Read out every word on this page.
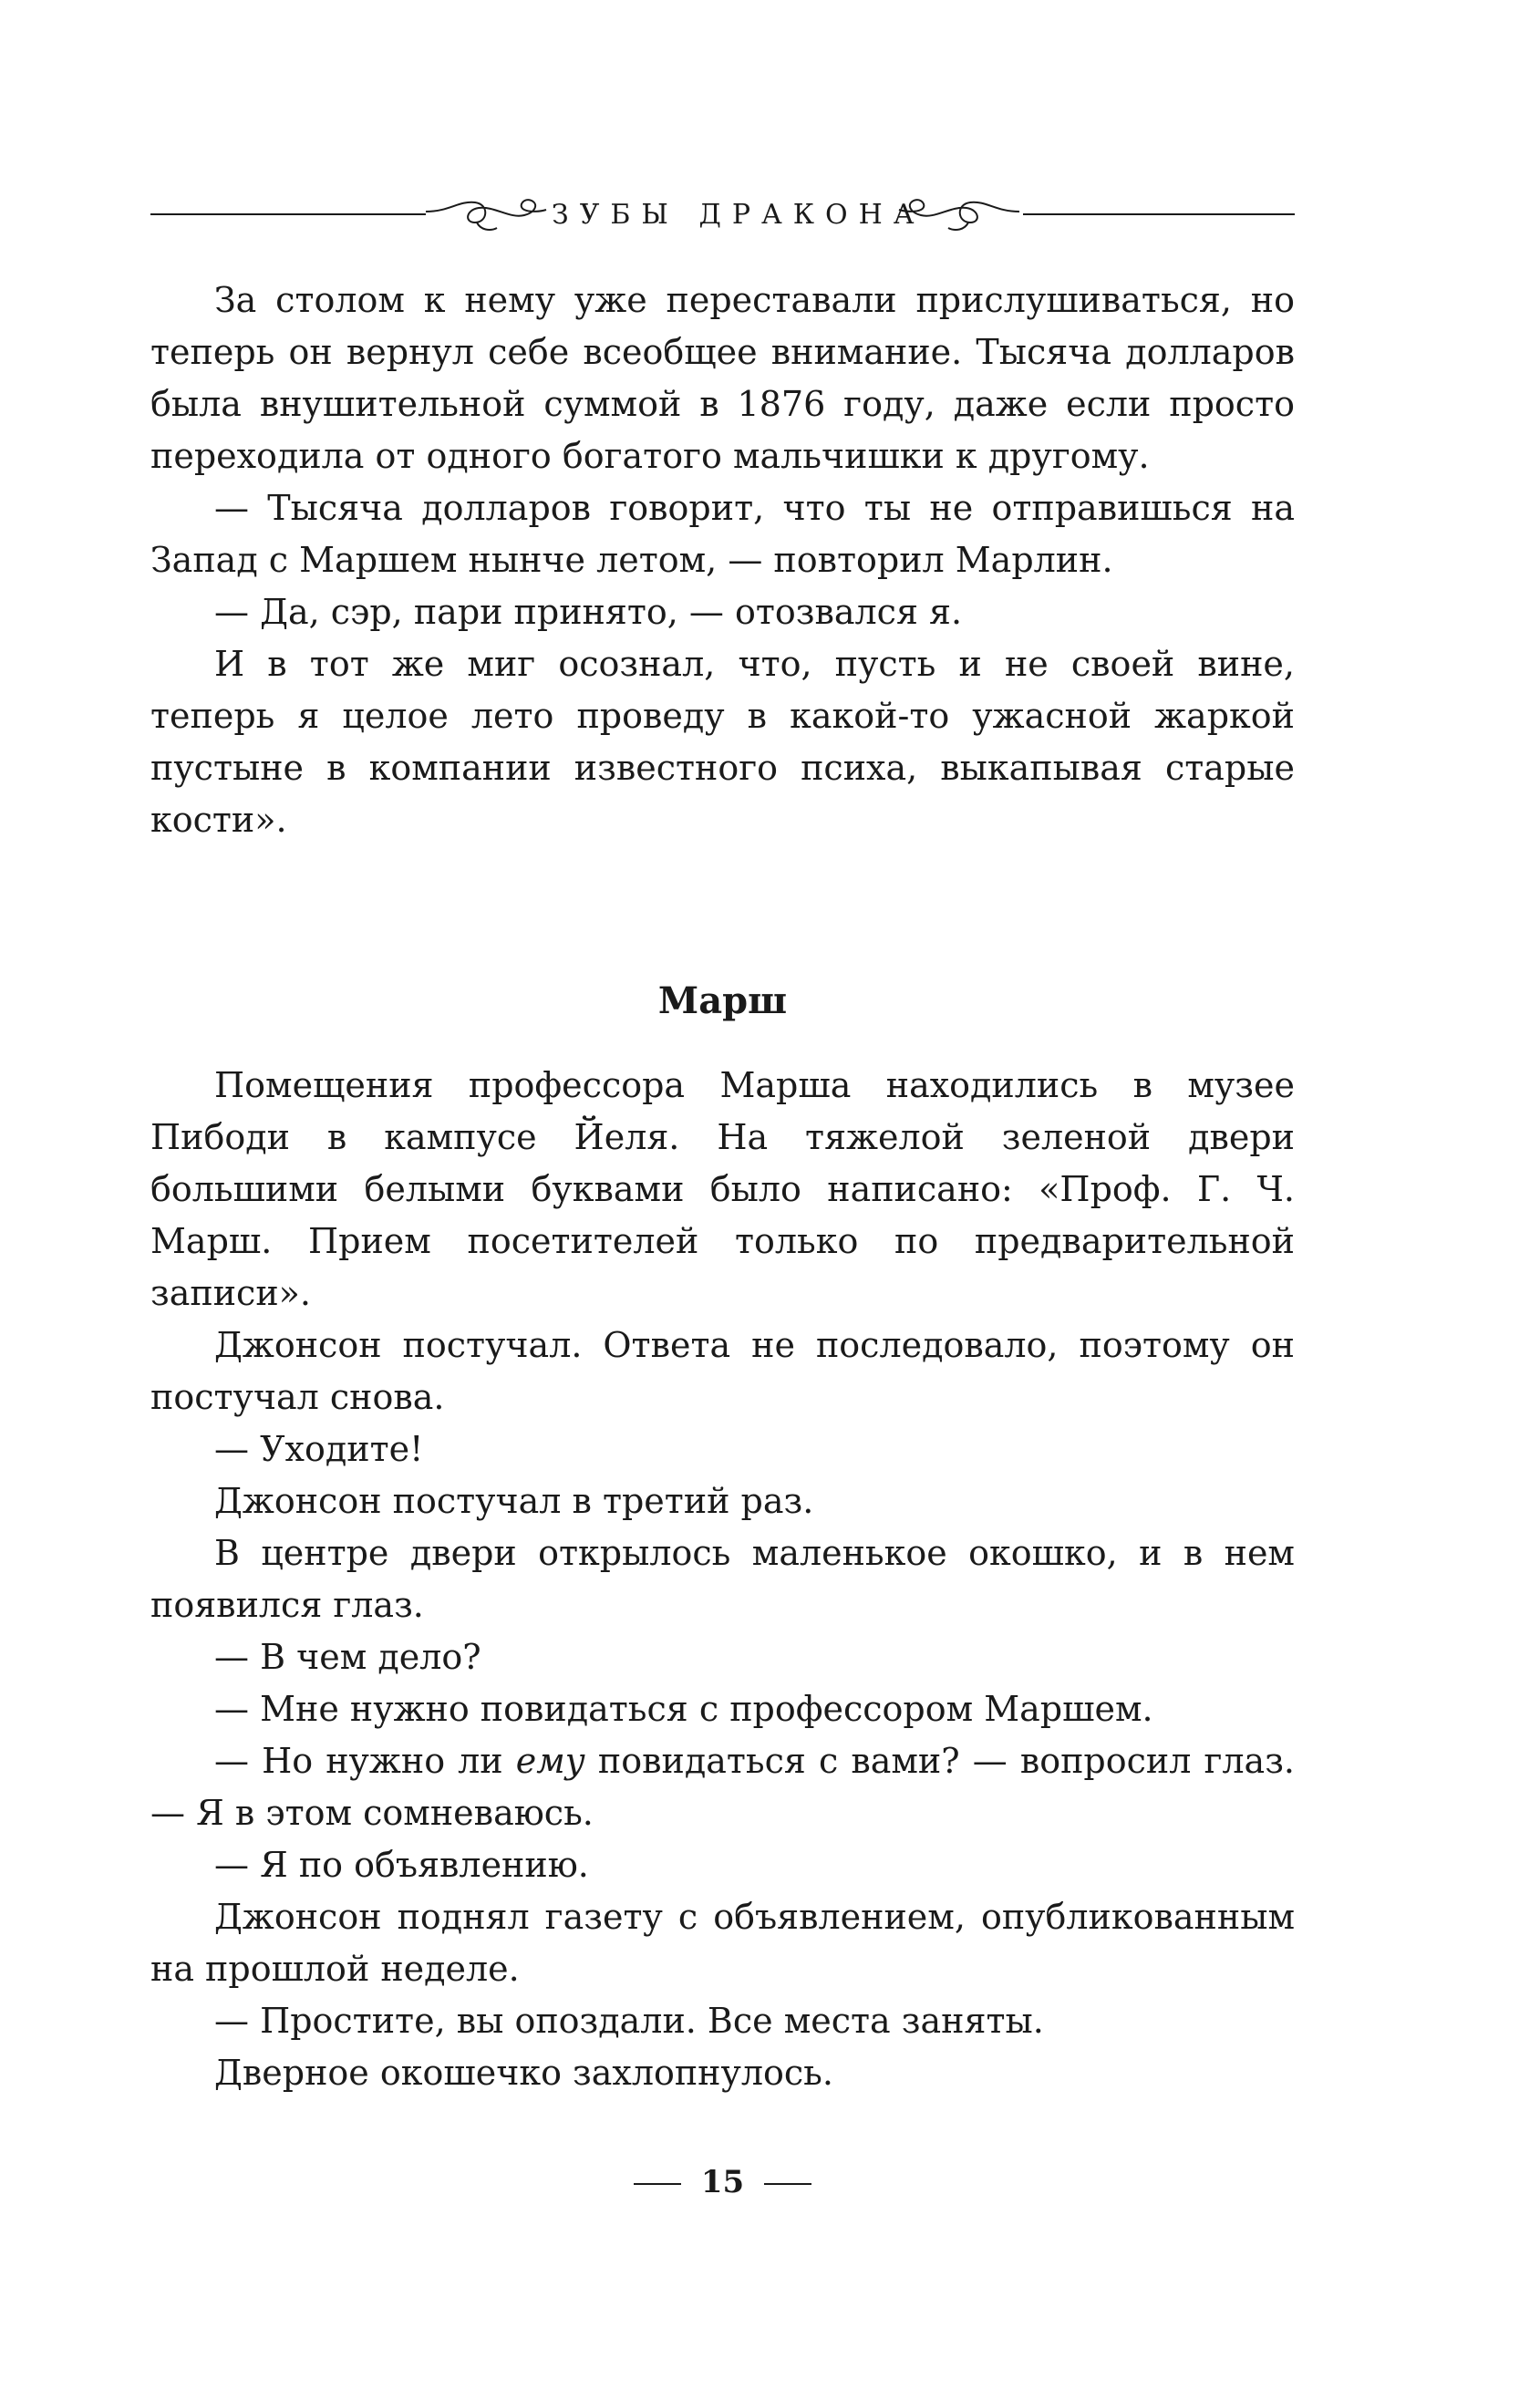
ЗУБЫ ДРАКОНА

За столом к нему уже переставали прислушиваться, но теперь он вернул себе всеобщее внимание. Тысяча долларов была внушительной суммой в 1876 году, даже если просто переходила от одного богатого мальчишки к другому.

— Тысяча долларов говорит, что ты не отправишься на Запад с Маршем нынче летом, — повторил Марлин.

— Да, сэр, пари принято, — отозвался я.

И в тот же миг осознал, что, пусть и не своей вине, теперь я целое лето проведу в какой-то ужасной жаркой пустыне в компании известного психа, выкапывая старые кости».

Марш

Помещения профессора Марша находились в музее Пибоди в кампусе Йеля. На тяжелой зеленой двери большими белыми буквами было написано: «Проф. Г. Ч. Марш. Прием посетителей только по предварительной записи».

Джонсон постучал. Ответа не последовало, поэтому он постучал снова.

— Уходите!

Джонсон постучал в третий раз.

В центре двери открылось маленькое окошко, и в нем появился глаз.

— В чем дело?

— Мне нужно повидаться с профессором Маршем.

— Но нужно ли ему повидаться с вами? — вопросил глаз. — Я в этом сомневаюсь.

— Я по объявлению.

Джонсон поднял газету с объявлением, опубликованным на прошлой неделе.

— Простите, вы опоздали. Все места заняты.

Дверное окошечко захлопнулось.

15
